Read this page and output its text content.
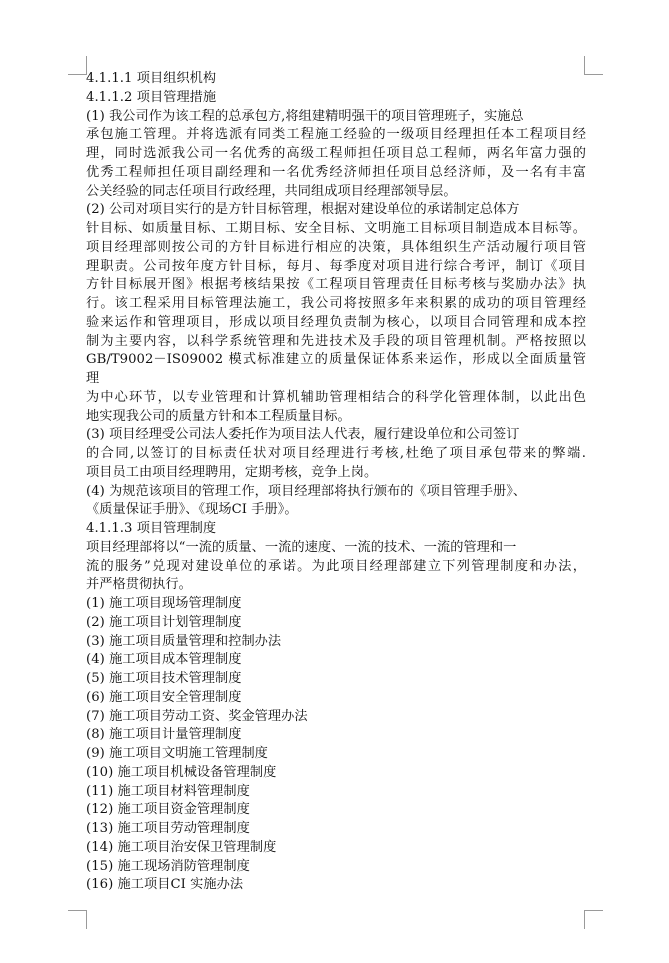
4.1.1.1 项目组织机构
4.1.1.2 项目管理措施
(1) 我公司作为该工程的总承包方,将组建精明强干的项目管理班子，实施总
承包施工管理。并将选派有同类工程施工经验的一级项目经理担任本工程项目经
理，同时选派我公司一名优秀的高级工程师担任项目总工程师，两名年富力强的
优秀工程师担任项目副经理和一名优秀经济师担任项目总经济师，及一名有丰富
公关经验的同志任项目行政经理，共同组成项目经理部领导层。
(2) 公司对项目实行的是方针目标管理，根据对建设单位的承诺制定总体方
针目标、如质量目标、工期目标、安全目标、文明施工目标项目制造成本目标等。
项目经理部则按公司的方针目标进行相应的决策，具体组织生产活动履行项目管
理职责。公司按年度方针目标，每月、每季度对项目进行综合考评，制订《项目
方针目标展开图》根据考核结果按《工程项目管理责任目标考核与奖励办法》执
行。该工程采用目标管理法施工，我公司将按照多年来积累的成功的项目管理经
验来运作和管理项目，形成以项目经理负责制为核心，以项目合同管理和成本控
制为主要内容，以科学系统管理和先进技术及手段的项目管理机制。严格按照以
GB/T9002－IS09002 模式标准建立的质量保证体系来运作，形成以全面质量管
理
为中心环节，以专业管理和计算机辅助管理相结合的科学化管理体制，以此出色
地实现我公司的质量方针和本工程质量目标。
(3) 项目经理受公司法人委托作为项目法人代表，履行建设单位和公司签订
的合同,以签订的目标责任状对项目经理进行考核,杜绝了项目承包带来的弊端.
项目员工由项目经理聘用，定期考核，竞争上岗。
(4) 为规范该项目的管理工作，项目经理部将执行颁布的《项目管理手册》、
《质量保证手册》、《现场CI 手册》。
4.1.1.3 项目管理制度
项目经理部将以“一流的质量、一流的速度、一流的技术、一流的管理和一
流的服务”兑现对建设单位的承诺。为此项目经理部建立下列管理制度和办法，
并严格贯彻执行。
(1) 施工项目现场管理制度
(2) 施工项目计划管理制度
(3) 施工项目质量管理和控制办法
(4) 施工项目成本管理制度
(5) 施工项目技术管理制度
(6) 施工项目安全管理制度
(7) 施工项目劳动工资、奖金管理办法
(8) 施工项目计量管理制度
(9) 施工项目文明施工管理制度
(10) 施工项目机械设备管理制度
(11) 施工项目材料管理制度
(12) 施工项目资金管理制度
(13) 施工项目劳动管理制度
(14) 施工项目治安保卫管理制度
(15) 施工现场消防管理制度
(16) 施工项目CI 实施办法
